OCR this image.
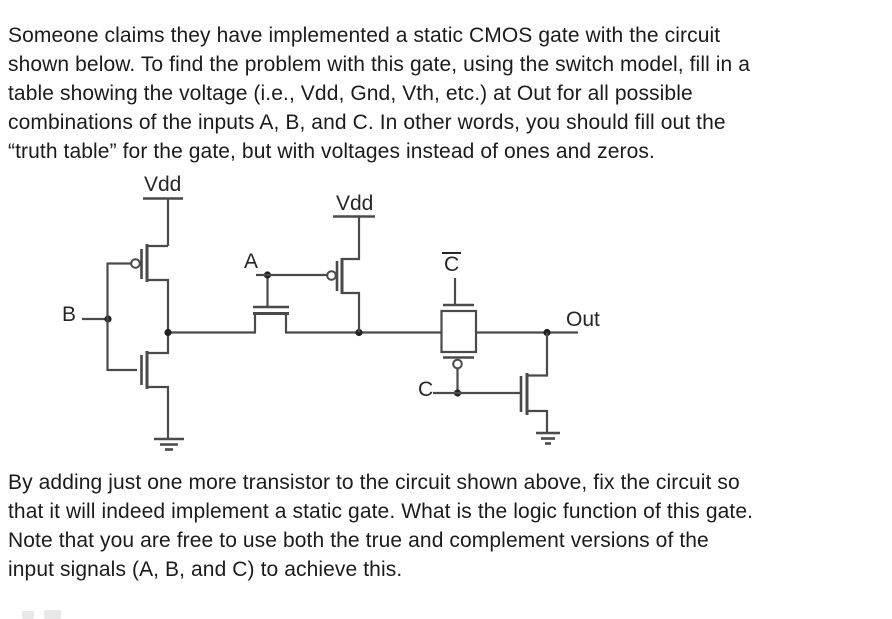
Someone claims they have implemented a static CMOS gate with the circuit
shown below. To find the problem with this gate, using the switch model, fill in a
table showing the voltage (i.e., Vdd, Gnd, Vth, etc.) at Out for all possible
combinations of the inputs A, B, and C. In other words, you should fill out the
“truth table” for the gate, but with voltages instead of ones and zeros.
Vdd
Vdd
A
B
C
C
Out
By adding just one more transistor to the circuit shown above, fix the circuit so
that it will indeed implement a static gate. What is the logic function of this gate.
Note that you are free to use both the true and complement versions of the
input signals (A, B, and C) to achieve this.
